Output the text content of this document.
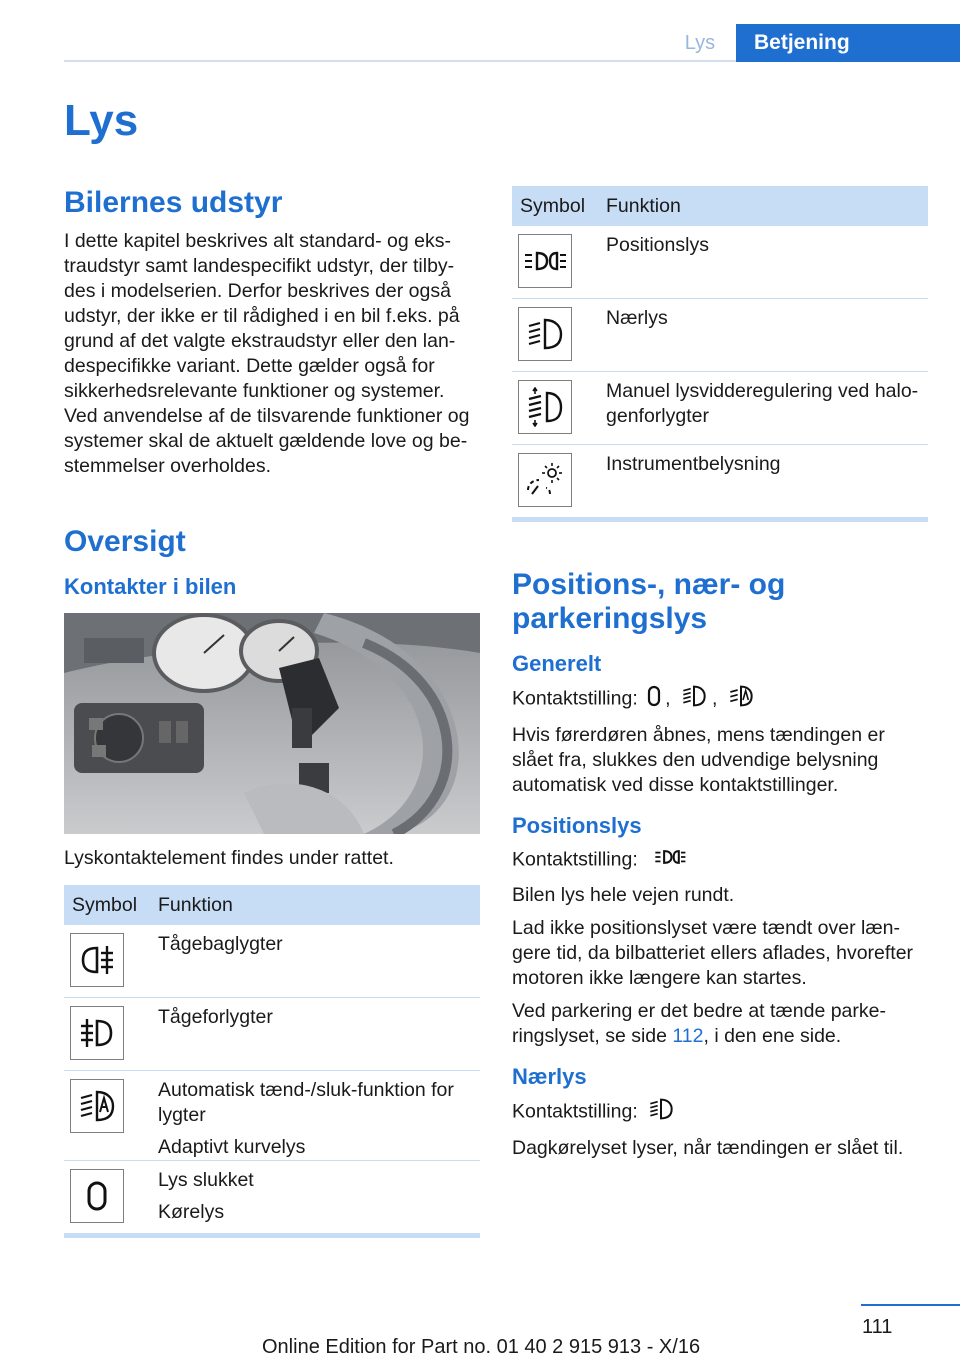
Lys	Betjening
Lys
Bilernes udstyr

I dette kapitel beskrives alt standard- og eks-
traudstyr samt landespecifikt udstyr, der tilby-
des i modelserien. Derfor beskrives der også
udstyr, der ikke er til rådighed i en bil f.eks. på
grund af det valgte ekstraudstyr eller den lan-
despecifikke variant. Dette gælder også for
sikkerhedsrelevante funktioner og systemer.
Ved anvendelse af de tilsvarende funktioner og
systemer skal de aktuelt gældende love og be-
stemmelser overholdes.

Oversigt
Kontakter i bilen

Lyskontaktelement findes under rattet.

Symbol	Funktion

Tågebaglygter

Tågeforlygter

Automatisk tænd-/sluk-funktion for
lygter
Adaptivt kurvelys

Lys slukket
Kørelys
Symbol	Funktion

Positionslys

Nærlys

Manuel lysvidderegulering ved halo-
genforlygter

Instrumentbelysning
Positions-, nær- og parkeringslys
Generelt

Kontaktstilling: , ,

Hvis førerdøren åbnes, mens tændingen er
slået fra, slukkes den udvendige belysning
automatisk ved disse kontaktstillinger.

Positionslys

Kontaktstilling:

Bilen lys hele vejen rundt.

Lad ikke positionslyset være tændt over læn-
gere tid, da bilbatteriet ellers aflades, hvorefter
motoren ikke længere kan startes.

Ved parkering er det bedre at tænde parke-
ringslyset, se side 112, i den ene side.

Nærlys

Kontaktstilling:

Dagkørelyset lyser, når tændingen er slået til.

111
Online Edition for Part no. 01 40 2 915 913 - X/16
